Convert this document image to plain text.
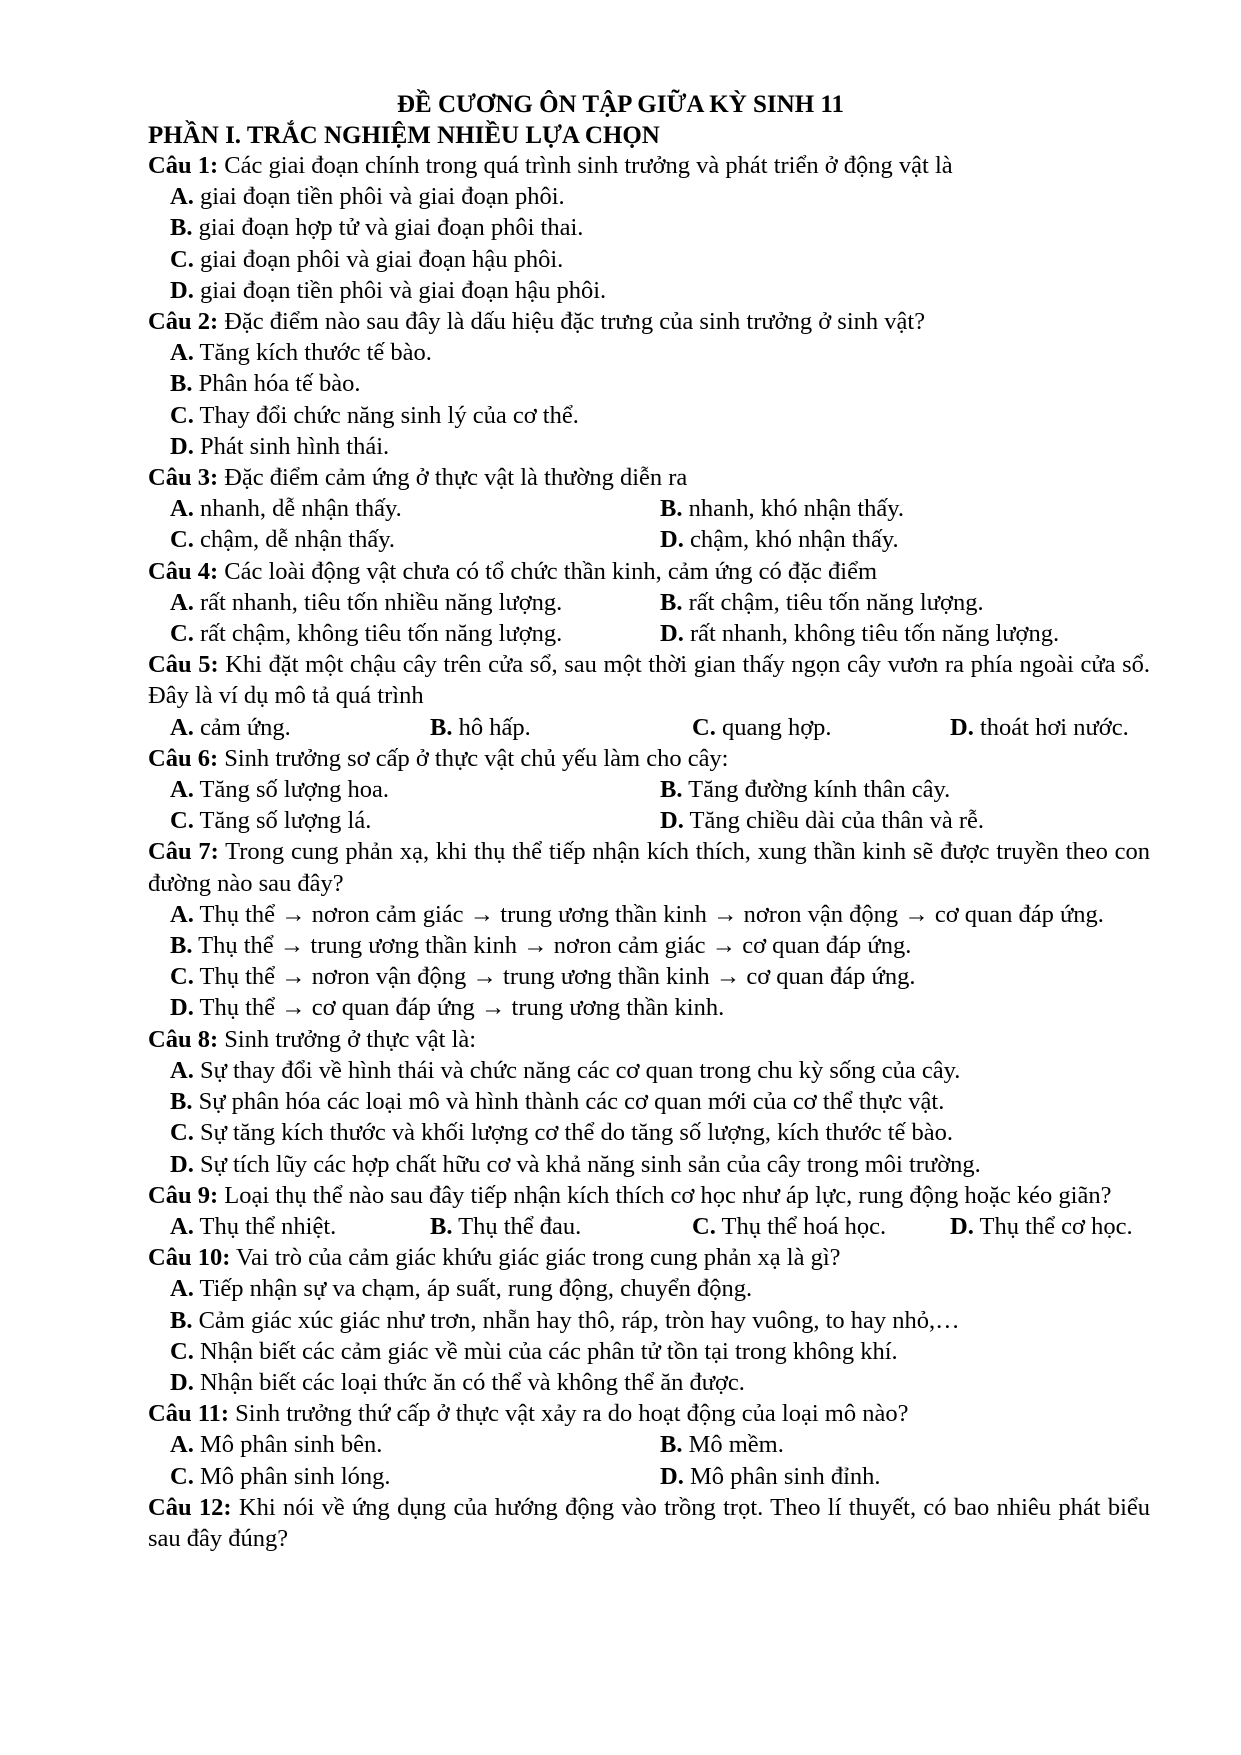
ĐỀ CƯƠNG ÔN TẬP GIỮA KỲ SINH 11
PHẦN I. TRẮC NGHIỆM NHIỀU LỰA CHỌN
Câu 1: Các giai đoạn chính trong quá trình sinh trưởng và phát triển ở động vật là
A. giai đoạn tiền phôi và giai đoạn phôi.
B. giai đoạn hợp tử và giai đoạn phôi thai.
C. giai đoạn phôi và giai đoạn hậu phôi.
D. giai đoạn tiền phôi và giai đoạn hậu phôi.
Câu 2: Đặc điểm nào sau đây là dấu hiệu đặc trưng của sinh trưởng ở sinh vật?
A. Tăng kích thước tế bào.
B. Phân hóa tế bào.
C. Thay đổi chức năng sinh lý của cơ thể.
D. Phát sinh hình thái.
Câu 3: Đặc điểm cảm ứng ở thực vật là thường diễn ra
A. nhanh, dễ nhận thấy.	B. nhanh, khó nhận thấy.
C. chậm, dễ nhận thấy.	D. chậm, khó nhận thấy.
Câu 4: Các loài động vật chưa có tổ chức thần kinh, cảm ứng có đặc điểm
A. rất nhanh, tiêu tốn nhiều năng lượng.	B. rất chậm, tiêu tốn năng lượng.
C. rất chậm, không tiêu tốn năng lượng.	D. rất nhanh, không tiêu tốn năng lượng.
Câu 5: Khi đặt một chậu cây trên cửa sổ, sau một thời gian thấy ngọn cây vươn ra phía ngoài cửa sổ. Đây là ví dụ mô tả quá trình
A. cảm ứng.	B. hô hấp.	C. quang hợp.	D. thoát hơi nước.
Câu 6: Sinh trưởng sơ cấp ở thực vật chủ yếu làm cho cây:
A. Tăng số lượng hoa.	B. Tăng đường kính thân cây.
C. Tăng số lượng lá.	D. Tăng chiều dài của thân và rễ.
Câu 7: Trong cung phản xạ, khi thụ thể tiếp nhận kích thích, xung thần kinh sẽ được truyền theo con đường nào sau đây?
A. Thụ thể → nơron cảm giác → trung ương thần kinh → nơron vận động → cơ quan đáp ứng.
B. Thụ thể → trung ương thần kinh → nơron cảm giác → cơ quan đáp ứng.
C. Thụ thể → nơron vận động → trung ương thần kinh → cơ quan đáp ứng.
D. Thụ thể → cơ quan đáp ứng → trung ương thần kinh.
Câu 8: Sinh trưởng ở thực vật là:
A. Sự thay đổi về hình thái và chức năng các cơ quan trong chu kỳ sống của cây.
B. Sự phân hóa các loại mô và hình thành các cơ quan mới của cơ thể thực vật.
C. Sự tăng kích thước và khối lượng cơ thể do tăng số lượng, kích thước tế bào.
D. Sự tích lũy các hợp chất hữu cơ và khả năng sinh sản của cây trong môi trường.
Câu 9: Loại thụ thể nào sau đây tiếp nhận kích thích cơ học như áp lực, rung động hoặc kéo giãn?
A. Thụ thể nhiệt.	B. Thụ thể đau.	C. Thụ thể hoá học.	D. Thụ thể cơ học.
Câu 10: Vai trò của cảm giác khứu giác giác trong cung phản xạ là gì?
A. Tiếp nhận sự va chạm, áp suất, rung động, chuyển động.
B. Cảm giác xúc giác như trơn, nhẵn hay thô, ráp, tròn hay vuông, to hay nhỏ,…
C. Nhận biết các cảm giác về mùi của các phân tử tồn tại trong không khí.
D. Nhận biết các loại thức ăn có thể và không thể ăn được.
Câu 11: Sinh trưởng thứ cấp ở thực vật xảy ra do hoạt động của loại mô nào?
A. Mô phân sinh bên.	B. Mô mềm.
C. Mô phân sinh lóng.	D. Mô phân sinh đỉnh.
Câu 12: Khi nói về ứng dụng của hướng động vào trồng trọt. Theo lí thuyết, có bao nhiêu phát biểu sau đây đúng?
